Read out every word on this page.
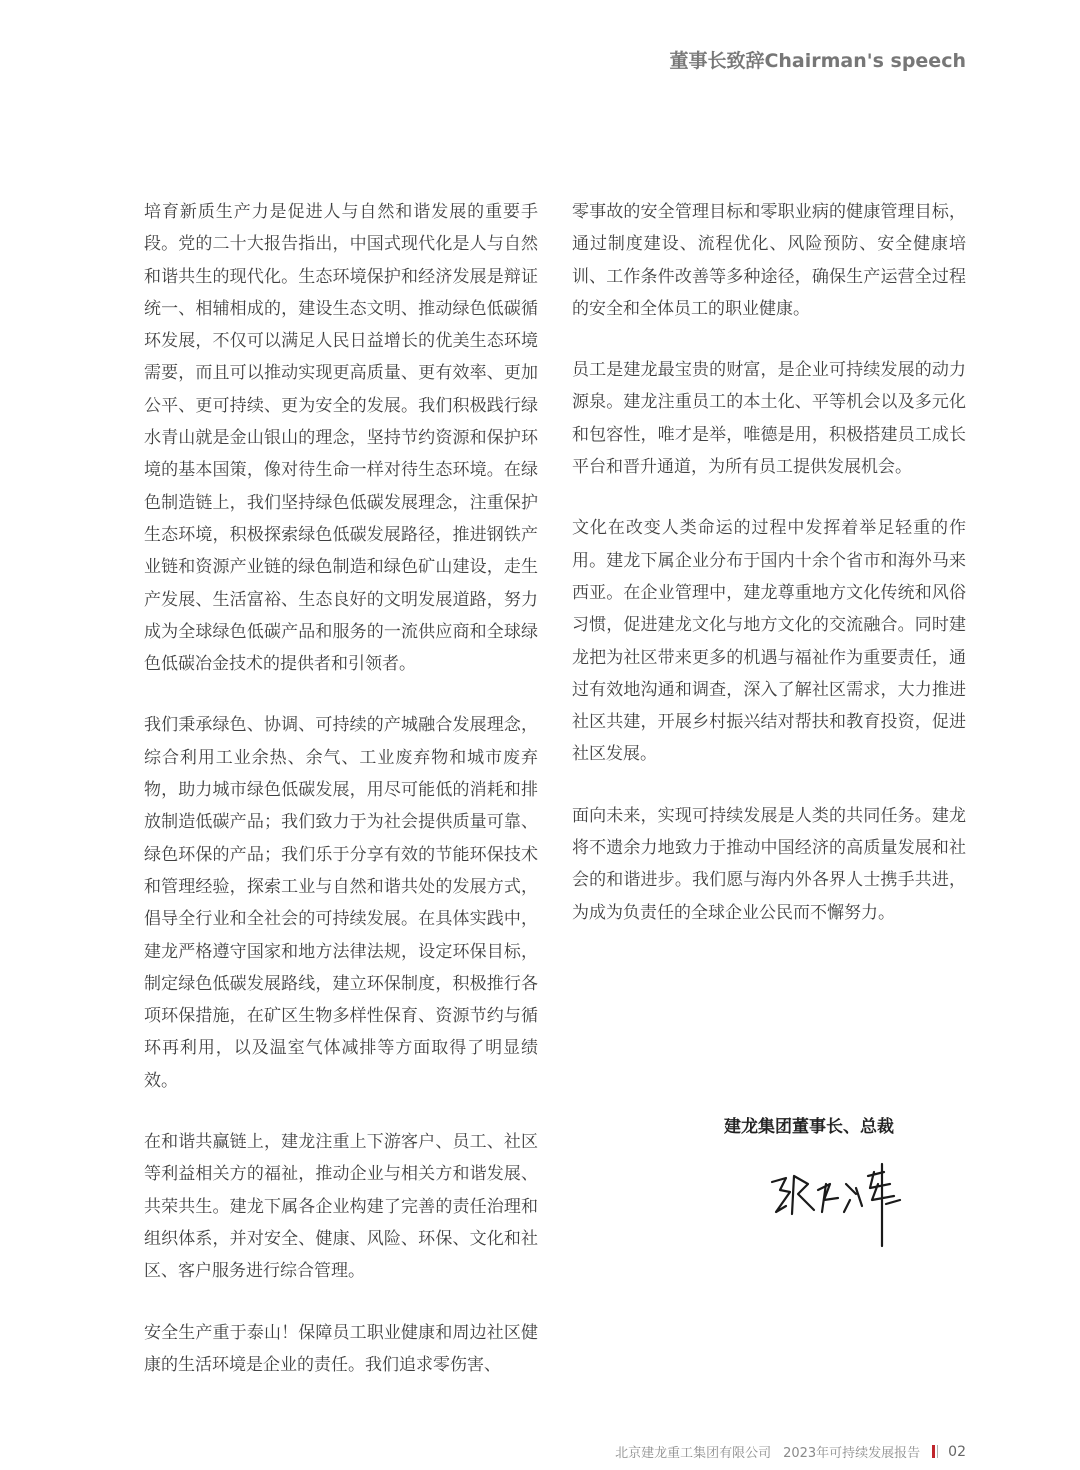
董事长致辞Chairman's speech

培育新质生产力是促进人与自然和谐发展的重要手段。党的二十大报告指出，中国式现代化是人与自然和谐共生的现代化。生态环境保护和经济发展是辩证统一、相辅相成的，建设生态文明、推动绿色低碳循环发展，不仅可以满足人民日益增长的优美生态环境需要，而且可以推动实现更高质量、更有效率、更加公平、更可持续、更为安全的发展。我们积极践行绿水青山就是金山银山的理念，坚持节约资源和保护环境的基本国策，像对待生命一样对待生态环境。在绿色制造链上，我们坚持绿色低碳发展理念，注重保护生态环境，积极探索绿色低碳发展路径，推进钢铁产业链和资源产业链的绿色制造和绿色矿山建设，走生产发展、生活富裕、生态良好的文明发展道路，努力成为全球绿色低碳产品和服务的一流供应商和全球绿色低碳冶金技术的提供者和引领者。

我们秉承绿色、协调、可持续的产城融合发展理念，综合利用工业余热、余气、工业废弃物和城市废弃物，助力城市绿色低碳发展，用尽可能低的消耗和排放制造低碳产品；我们致力于为社会提供质量可靠、绿色环保的产品；我们乐于分享有效的节能环保技术和管理经验，探索工业与自然和谐共处的发展方式，倡导全行业和全社会的可持续发展。在具体实践中，建龙严格遵守国家和地方法律法规，设定环保目标，制定绿色低碳发展路线，建立环保制度，积极推行各项环保措施，在矿区生物多样性保育、资源节约与循环再利用，以及温室气体减排等方面取得了明显绩效。

在和谐共赢链上，建龙注重上下游客户、员工、社区等利益相关方的福祉，推动企业与相关方和谐发展、共荣共生。建龙下属各企业构建了完善的责任治理和组织体系，并对安全、健康、风险、环保、文化和社区、客户服务进行综合管理。

安全生产重于泰山！保障员工职业健康和周边社区健康的生活环境是企业的责任。我们追求零伤害、

零事故的安全管理目标和零职业病的健康管理目标，通过制度建设、流程优化、风险预防、安全健康培训、工作条件改善等多种途径，确保生产运营全过程的安全和全体员工的职业健康。

员工是建龙最宝贵的财富，是企业可持续发展的动力源泉。建龙注重员工的本土化、平等机会以及多元化和包容性，唯才是举，唯德是用，积极搭建员工成长平台和晋升通道，为所有员工提供发展机会。

文化在改变人类命运的过程中发挥着举足轻重的作用。建龙下属企业分布于国内十余个省市和海外马来西亚。在企业管理中，建龙尊重地方文化传统和风俗习惯，促进建龙文化与地方文化的交流融合。同时建龙把为社区带来更多的机遇与福祉作为重要责任，通过有效地沟通和调查，深入了解社区需求，大力推进社区共建，开展乡村振兴结对帮扶和教育投资，促进社区发展。

面向未来，实现可持续发展是人类的共同任务。建龙将不遗余力地致力于推动中国经济的高质量发展和社会的和谐进步。我们愿与海内外各界人士携手共进，为成为负责任的全球企业公民而不懈努力。

建龙集团董事长、总裁
北京建龙重工集团有限公司 2023年可持续发展报告 02
